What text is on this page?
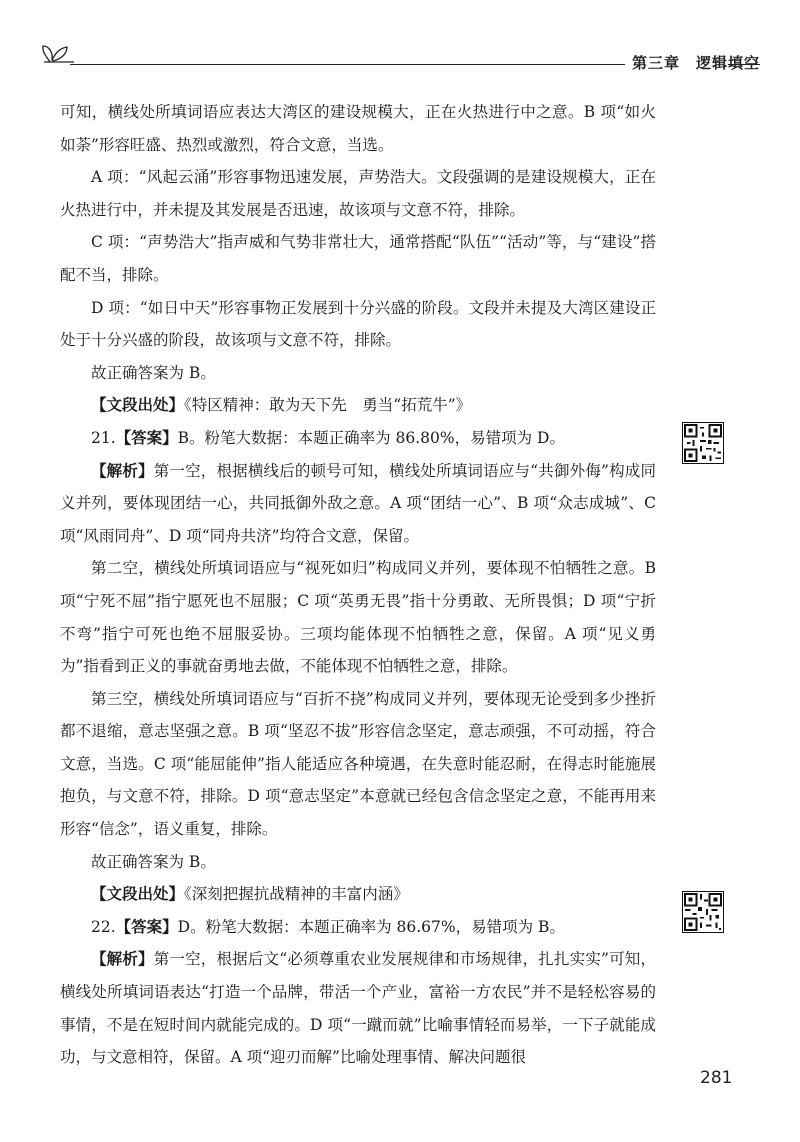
第三章 逻辑填空

可知，横线处所填词语应表达大湾区的建设规模大，正在火热进行中之意。B 项“如火如荼”形容旺盛、热烈或激烈，符合文意，当选。

A 项：“风起云涌”形容事物迅速发展，声势浩大。文段强调的是建设规模大，正在火热进行中，并未提及其发展是否迅速，故该项与文意不符，排除。

C 项：“声势浩大”指声威和气势非常壮大，通常搭配“队伍”“活动”等，与“建设”搭配不当，排除。

D 项：“如日中天”形容事物正发展到十分兴盛的阶段。文段并未提及大湾区建设正处于十分兴盛的阶段，故该项与文意不符，排除。

故正确答案为 B。

【文段出处】《特区精神：敢为天下先　勇当“拓荒牛”》

21.【答案】B。粉笔大数据：本题正确率为 86.80%，易错项为 D。

【解析】第一空，根据横线后的顿号可知，横线处所填词语应与“共御外侮”构成同义并列，要体现团结一心，共同抵御外敌之意。A 项“团结一心”、B 项“众志成城”、C 项“风雨同舟”、D 项“同舟共济”均符合文意，保留。

第二空，横线处所填词语应与“视死如归”构成同义并列，要体现不怕牺牲之意。B 项“宁死不屈”指宁愿死也不屈服；C 项“英勇无畏”指十分勇敢、无所畏惧；D 项“宁折不弯”指宁可死也绝不屈服妥协。三项均能体现不怕牺牲之意，保留。A 项“见义勇为”指看到正义的事就奋勇地去做，不能体现不怕牺牲之意，排除。

第三空，横线处所填词语应与“百折不挠”构成同义并列，要体现无论受到多少挫折都不退缩，意志坚强之意。B 项“坚忍不拔”形容信念坚定，意志顽强，不可动摇，符合文意，当选。C 项“能屈能伸”指人能适应各种境遇，在失意时能忍耐，在得志时能施展抱负，与文意不符，排除。D 项“意志坚定”本意就已经包含信念坚定之意，不能再用来形容“信念”，语义重复，排除。

故正确答案为 B。

【文段出处】《深刻把握抗战精神的丰富内涵》

22.【答案】D。粉笔大数据：本题正确率为 86.67%，易错项为 B。

【解析】第一空，根据后文“必须尊重农业发展规律和市场规律，扎扎实实”可知，横线处所填词语表达“打造一个品牌，带活一个产业，富裕一方农民”并不是轻松容易的事情，不是在短时间内就能完成的。D 项“一蹴而就”比喻事情轻而易举，一下子就能成功，与文意相符，保留。A 项“迎刃而解”比喻处理事情、解决问题很

281
